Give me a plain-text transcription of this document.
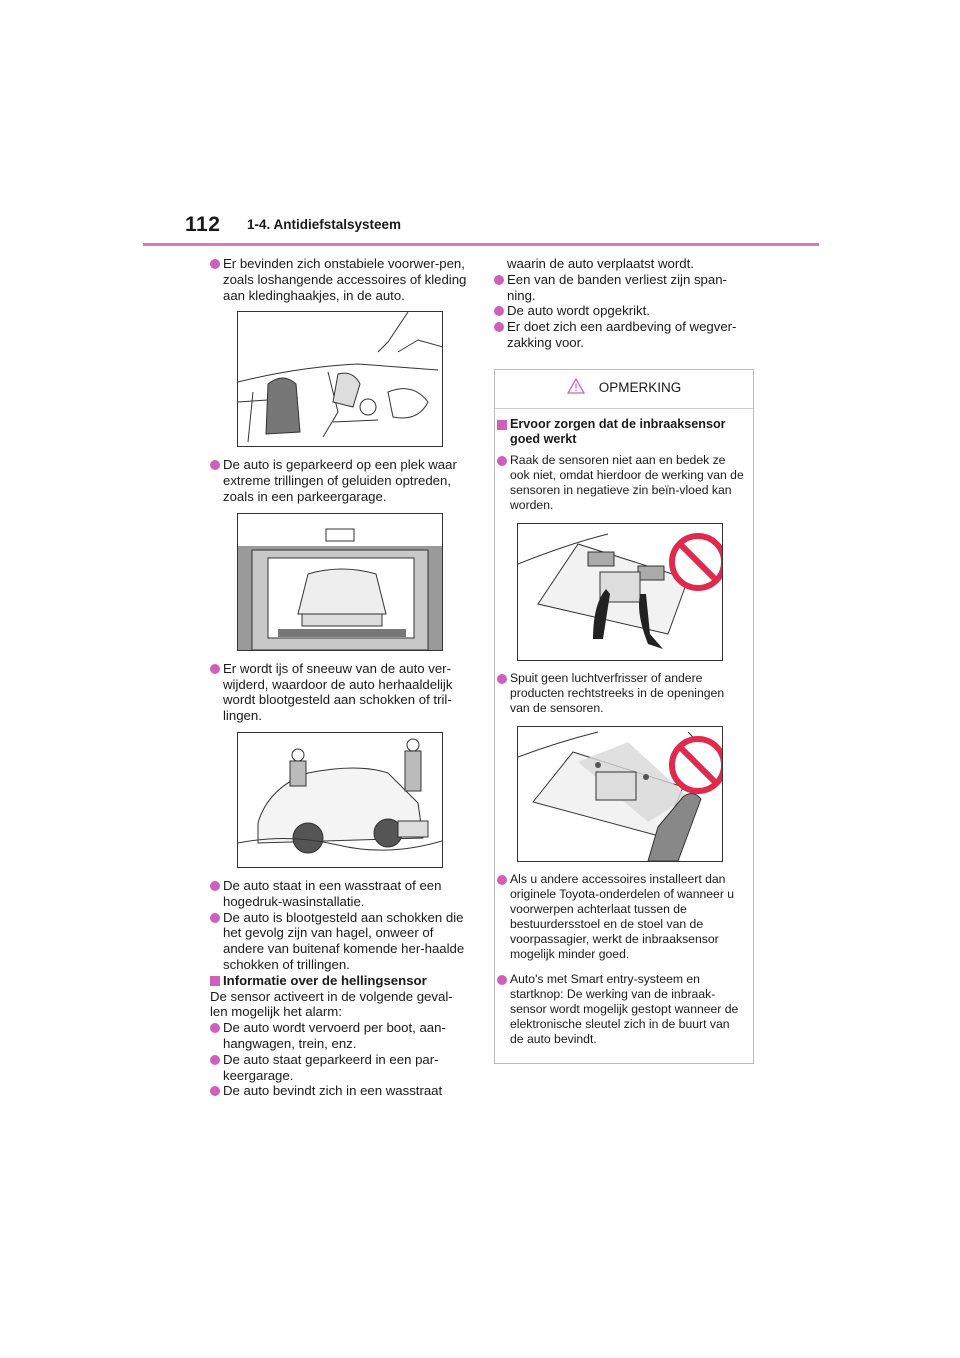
112 1-4. Antidiefstalsysteem

Er bevinden zich onstabiele voorwer-pen, zoals loshangende accessoires of kleding aan kledinghaakjes, in de auto.

De auto is geparkeerd op een plek waar extreme trillingen of geluiden optreden, zoals in een parkeergarage.

Er wordt ijs of sneeuw van de auto ver-wijderd, waardoor de auto herhaaldelijk wordt blootgesteld aan schokken of tril-lingen.

De auto staat in een wasstraat of een hogedruk-wasinstallatie.

De auto is blootgesteld aan schokken die het gevolg zijn van hagel, onweer of andere van buitenaf komende her-haalde schokken of trillingen.

Informatie over de hellingsensor

De sensor activeert in de volgende geval-len mogelijk het alarm:

De auto wordt vervoerd per boot, aan-hangwagen, trein, enz.

De auto staat geparkeerd in een par-keergarage.

De auto bevindt zich in een wasstraat

waarin de auto verplaatst wordt.

Een van de banden verliest zijn span-ning.

De auto wordt opgekrikt.

Er doet zich een aardbeving of wegver-zakking voor.

OPMERKING

Ervoor zorgen dat de inbraaksensor goed werkt

Raak de sensoren niet aan en bedek ze ook niet, omdat hierdoor de werking van de sensoren in negatieve zin beïn-vloed kan worden.

Spuit geen luchtverfrisser of andere producten rechtstreeks in de openingen van de sensoren.

Als u andere accessoires installeert dan originele Toyota-onderdelen of wanneer u voorwerpen achterlaat tussen de bestuurdersstoel en de stoel van de voorpassagier, werkt de inbraaksensor mogelijk minder goed.

Auto's met Smart entry-systeem en startknop: De werking van de inbraak-sensor wordt mogelijk gestopt wanneer de elektronische sleutel zich in de buurt van de auto bevindt.
